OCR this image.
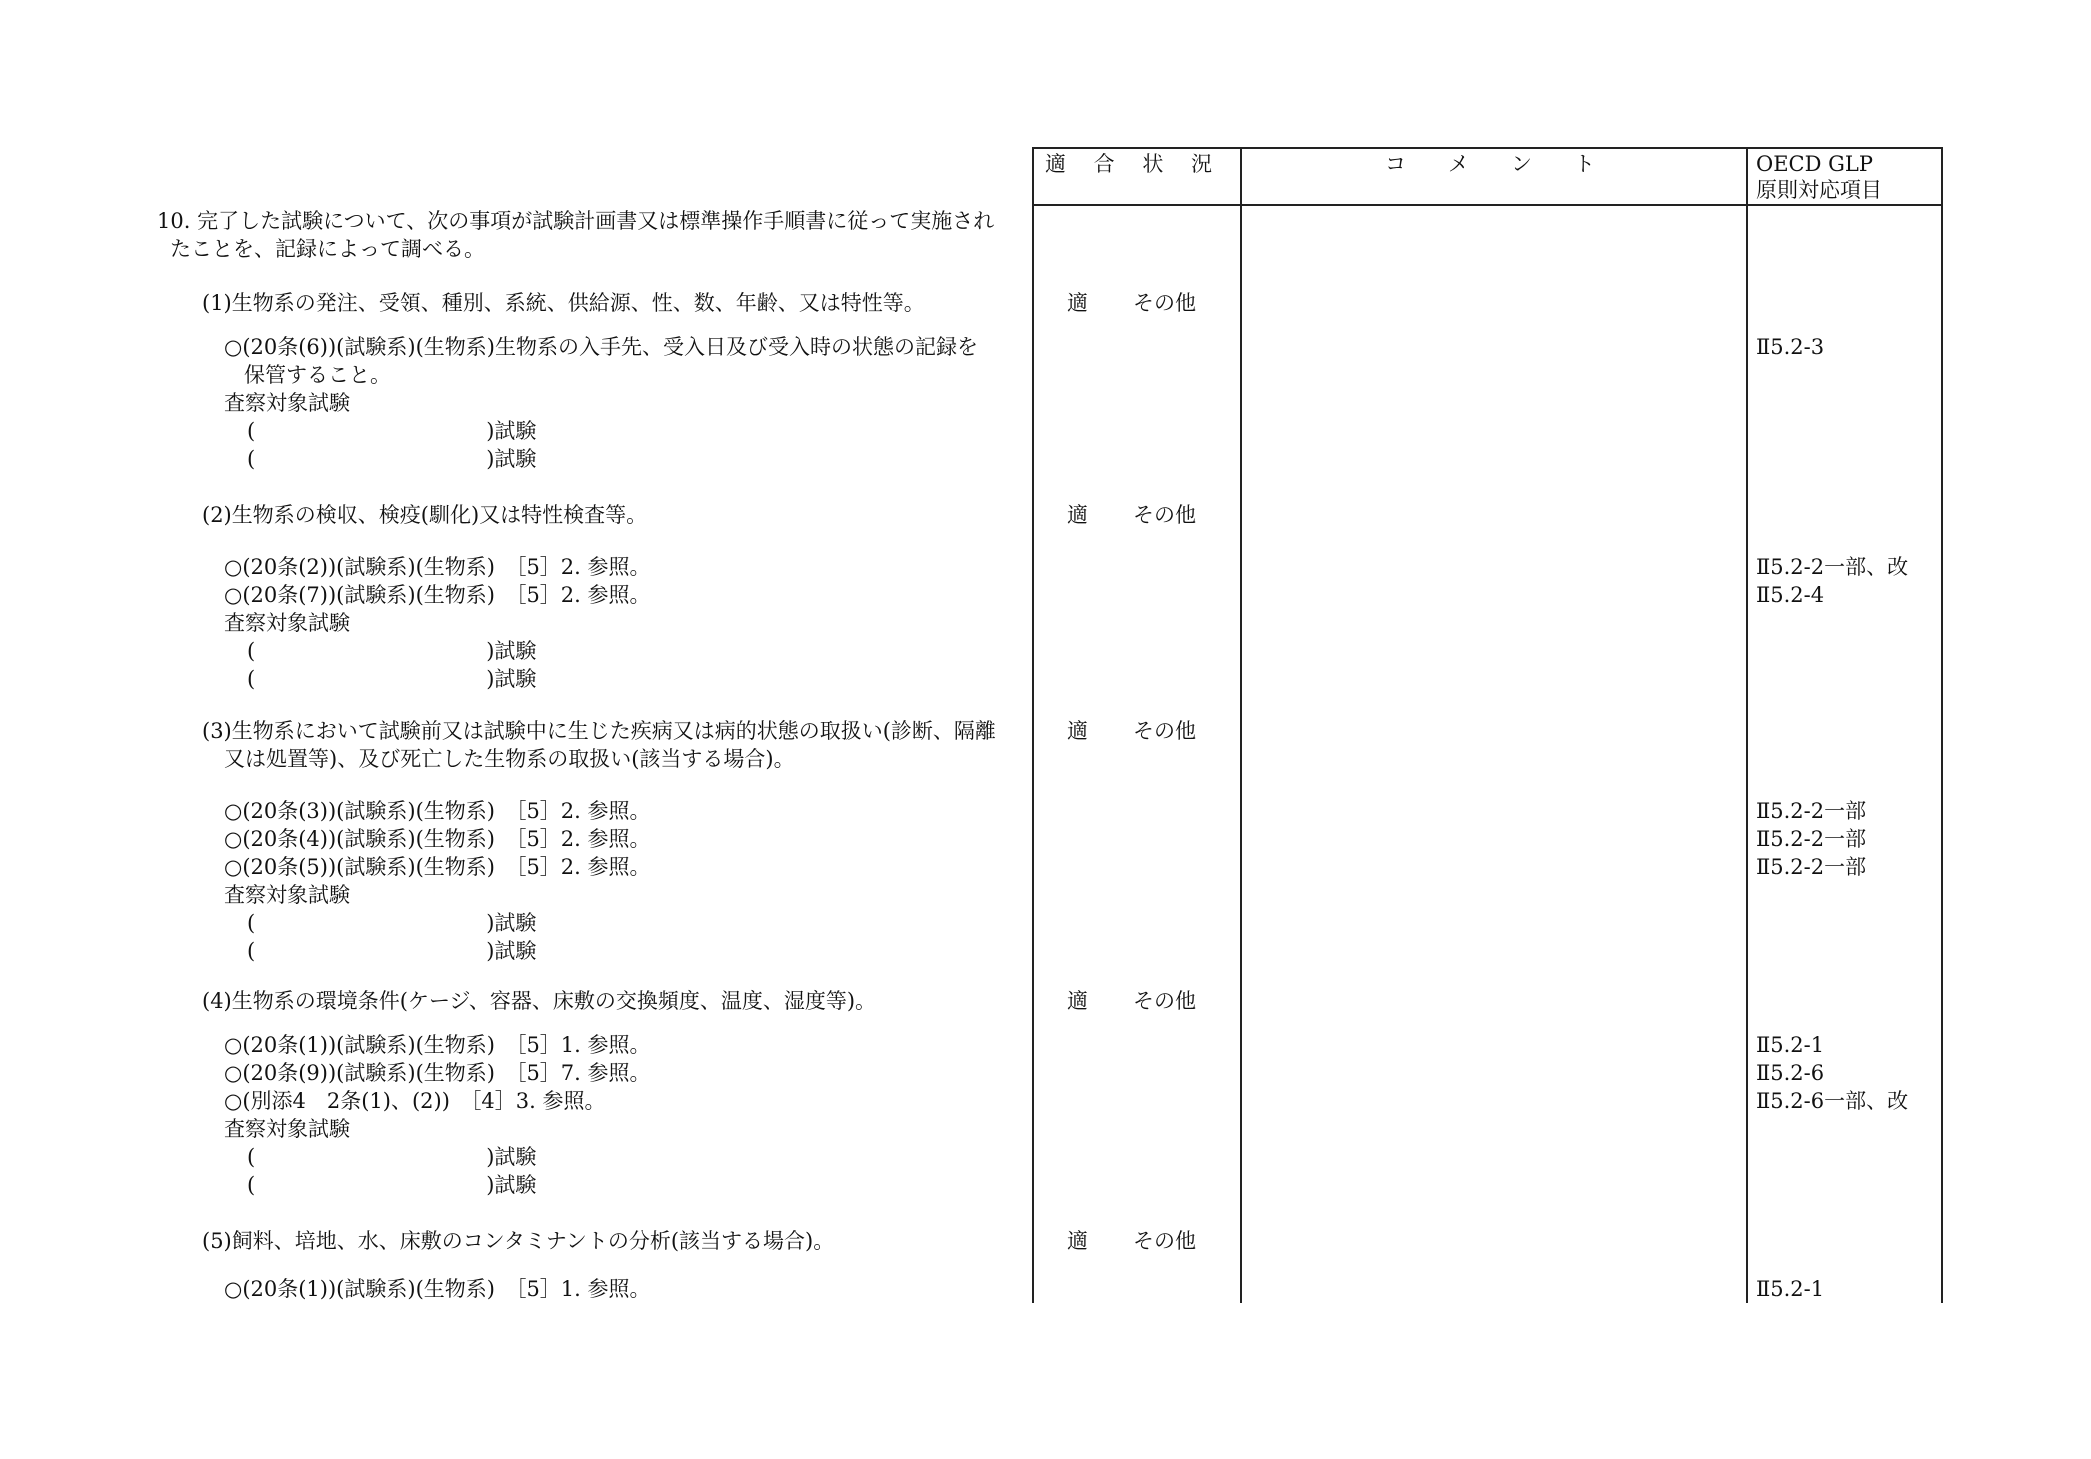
適　 合　 状　 況	コ　　メ　　ン　　ト	OECD GLP
原則対応項目
10. 完了した試験について、次の事項が試験計画書又は標準操作手順書に従って実施され
たことを、記録によって調べる。
(1)生物系の発注、受領、種別、系統、供給源、性、数、年齢、又は特性等。	適 その他
○(20条(6))(試験系)(生物系)生物系の入手先、受入日及び受入時の状態の記録を	Ⅱ5.2-3
保管すること。
査察対象試験
(　　　　　　　　　　　)試験
(　　　　　　　　　　　)試験
(2)生物系の検収、検疫(馴化)又は特性検査等。	適 その他
○(20条(2))(試験系)(生物系)　［5］2. 参照。	Ⅱ5.2-2一部、改
○(20条(7))(試験系)(生物系)　［5］2. 参照。	Ⅱ5.2-4
査察対象試験
(　　　　　　　　　　　)試験
(　　　　　　　　　　　)試験
(3)生物系において試験前又は試験中に生じた疾病又は病的状態の取扱い(診断、隔離
又は処置等)、及び死亡した生物系の取扱い(該当する場合)。
適 その他
○(20条(3))(試験系)(生物系)　［5］2. 参照。	Ⅱ5.2-2一部
○(20条(4))(試験系)(生物系)　［5］2. 参照。	Ⅱ5.2-2一部
○(20条(5))(試験系)(生物系)　［5］2. 参照。	Ⅱ5.2-2一部
査察対象試験
(　　　　　　　　　　　)試験
(　　　　　　　　　　　)試験
(4)生物系の環境条件(ケージ、容器、床敷の交換頻度、温度、湿度等)。	適 その他
○(20条(1))(試験系)(生物系)　［5］1. 参照。	Ⅱ5.2-1
○(20条(9))(試験系)(生物系)　［5］7. 参照。	Ⅱ5.2-6
○(別添4　2条(1)、(2))　［4］3. 参照。	Ⅱ5.2-6一部、改
査察対象試験
(　　　　　　　　　　　)試験
(　　　　　　　　　　　)試験
(5)飼料、培地、水、床敷のコンタミナントの分析(該当する場合)。	適 その他
○(20条(1))(試験系)(生物系)　［5］1. 参照。	Ⅱ5.2-1
